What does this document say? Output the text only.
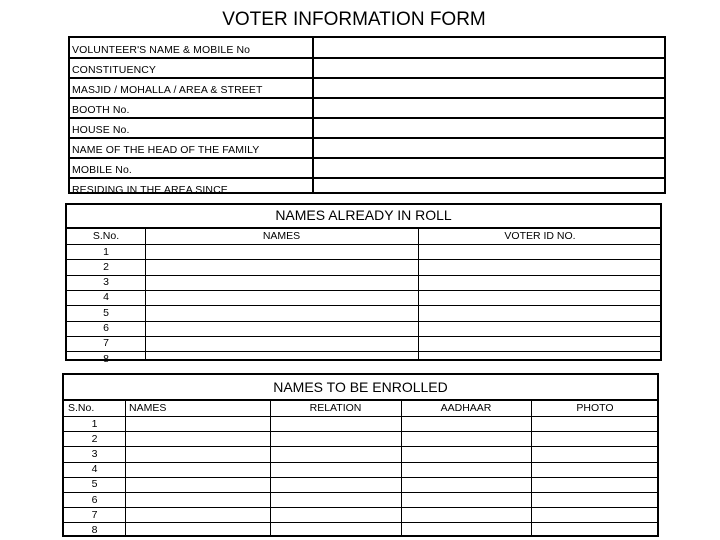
VOTER INFORMATION FORM
VOLUNTEER'S NAME & MOBILE No
CONSTITUENCY
MASJID / MOHALLA / AREA & STREET
BOOTH No.
HOUSE No.
NAME OF THE HEAD OF THE FAMILY
MOBILE No.
RESIDING IN THE AREA SINCE
NAMES ALREADY IN ROLL
S.No.	NAMES	VOTER ID NO.
1
2
3
4
5
6
7
8
NAMES TO BE ENROLLED
S.No.	NAMES	RELATION	AADHAAR	PHOTO
1
2
3
4
5
6
7
8
